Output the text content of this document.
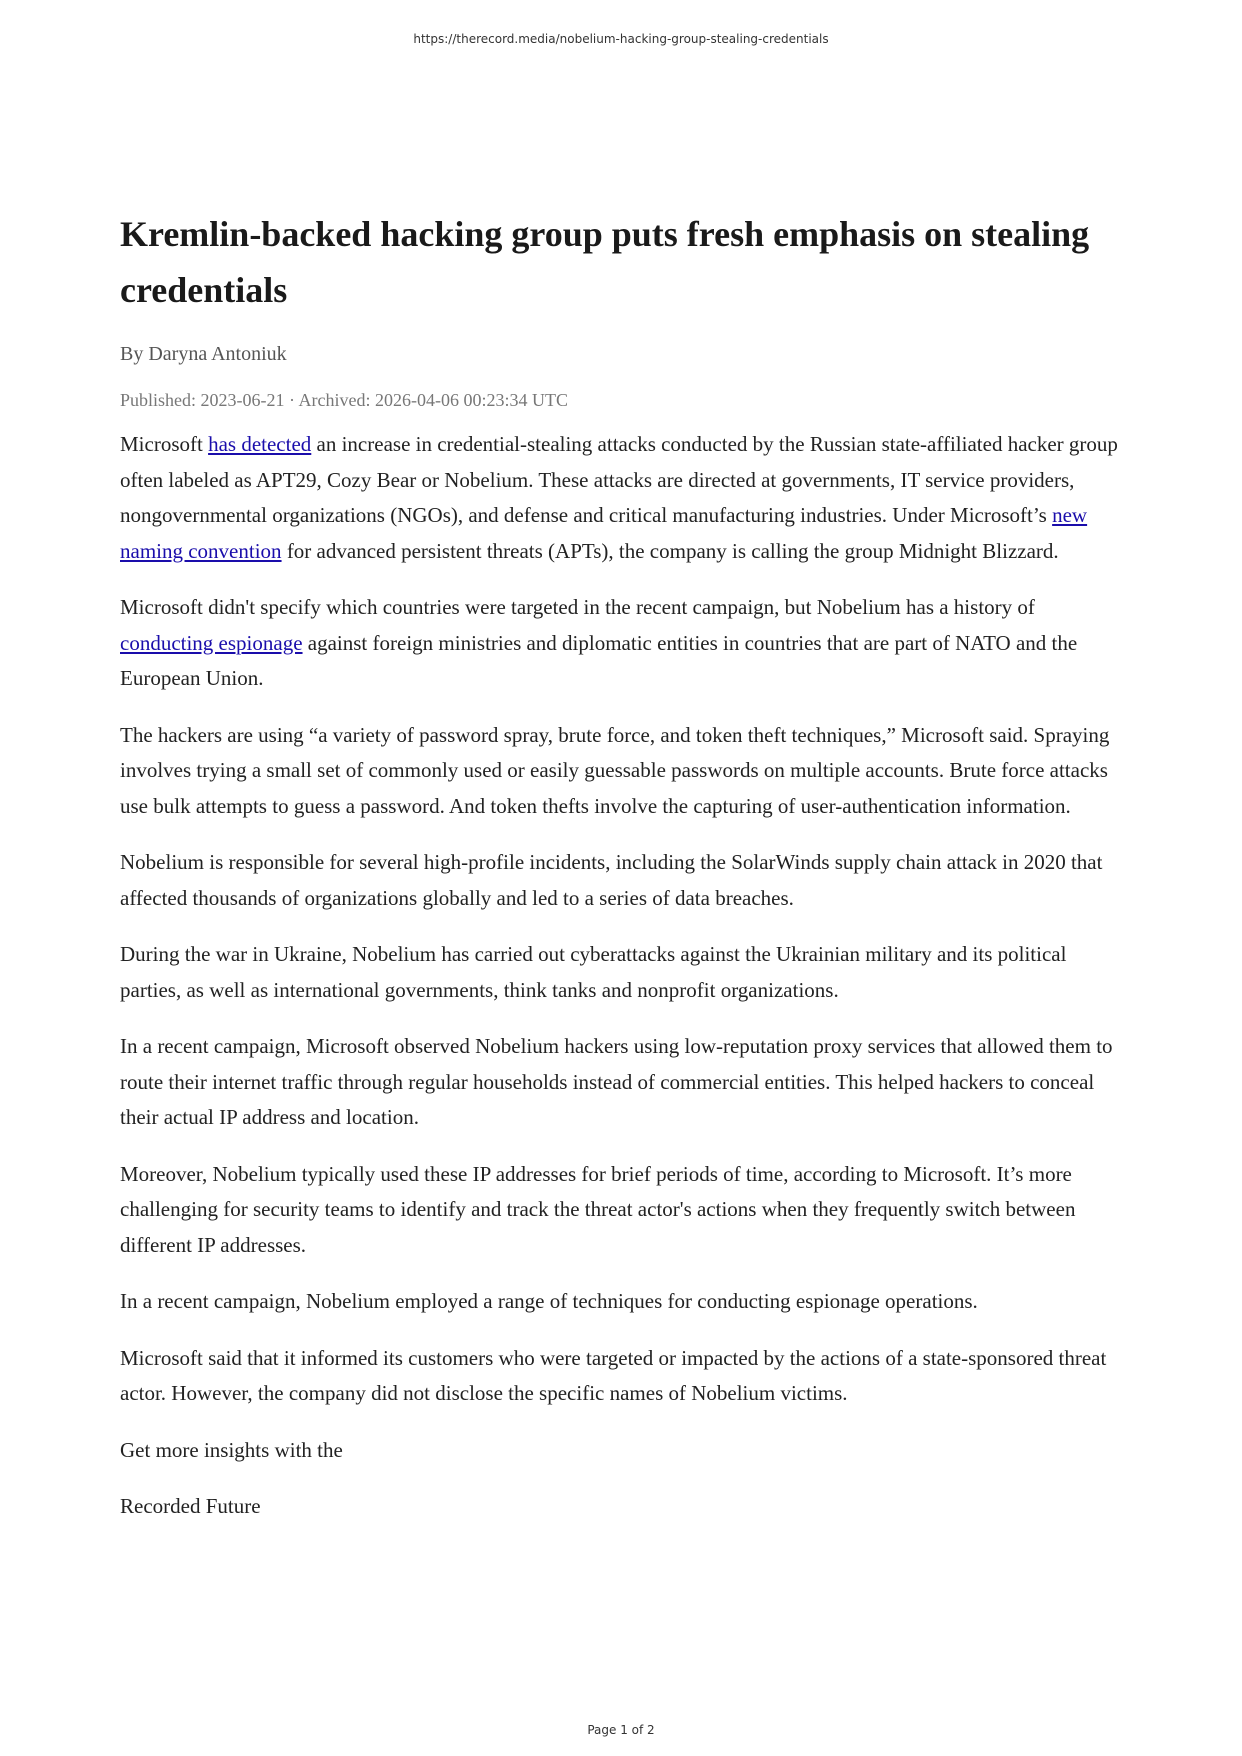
https://therecord.media/nobelium-hacking-group-stealing-credentials
Kremlin-backed hacking group puts fresh emphasis on stealing credentials

By Daryna Antoniuk

Published: 2023-06-21 · Archived: 2026-04-06 00:23:34 UTC

Microsoft has detected an increase in credential-stealing attacks conducted by the Russian state-affiliated hacker group often labeled as APT29, Cozy Bear or Nobelium. These attacks are directed at governments, IT service providers, nongovernmental organizations (NGOs), and defense and critical manufacturing industries. Under Microsoft’s new naming convention for advanced persistent threats (APTs), the company is calling the group Midnight Blizzard.

Microsoft didn't specify which countries were targeted in the recent campaign, but Nobelium has a history of conducting espionage against foreign ministries and diplomatic entities in countries that are part of NATO and the European Union.

The hackers are using “a variety of password spray, brute force, and token theft techniques,” Microsoft said. Spraying involves trying a small set of commonly used or easily guessable passwords on multiple accounts. Brute force attacks use bulk attempts to guess a password. And token thefts involve the capturing of user-authentication information.

Nobelium is responsible for several high-profile incidents, including the SolarWinds supply chain attack in 2020 that affected thousands of organizations globally and led to a series of data breaches.

During the war in Ukraine, Nobelium has carried out cyberattacks against the Ukrainian military and its political parties, as well as international governments, think tanks and nonprofit organizations.

In a recent campaign, Microsoft observed Nobelium hackers using low-reputation proxy services that allowed them to route their internet traffic through regular households instead of commercial entities. This helped hackers to conceal their actual IP address and location.

Moreover, Nobelium typically used these IP addresses for brief periods of time, according to Microsoft. It’s more challenging for security teams to identify and track the threat actor's actions when they frequently switch between different IP addresses.

In a recent campaign, Nobelium employed a range of techniques for conducting espionage operations.

Microsoft said that it informed its customers who were targeted or impacted by the actions of a state-sponsored threat actor. However, the company did not disclose the specific names of Nobelium victims.

Get more insights with the

Recorded Future

Page 1 of 2
